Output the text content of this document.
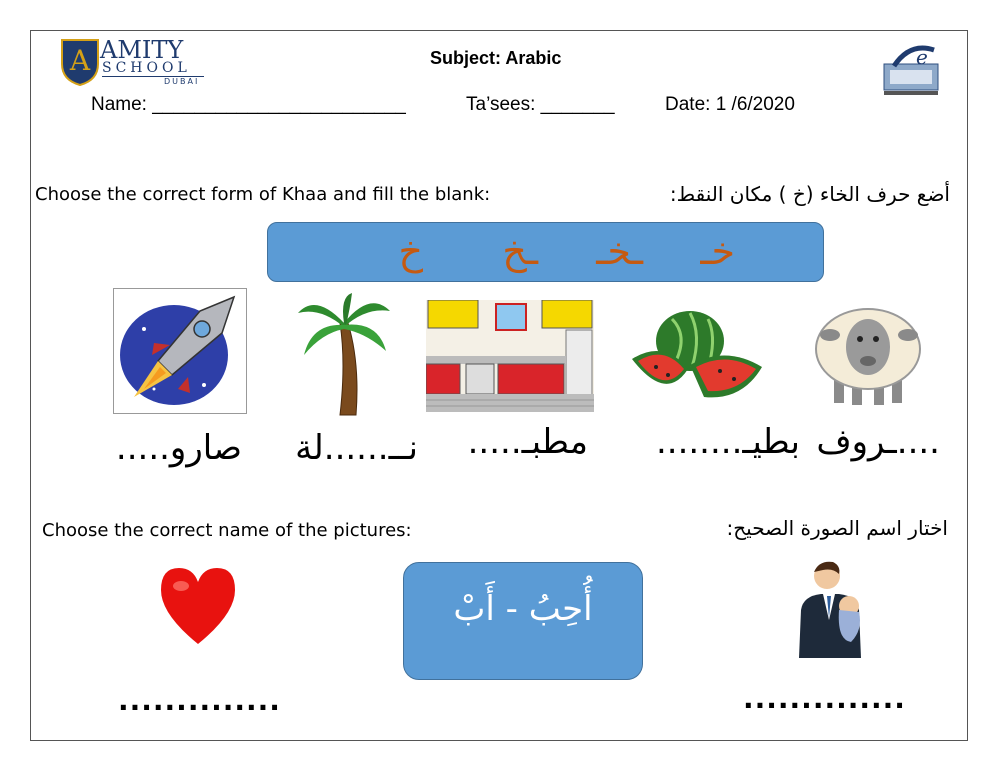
A AMITY
SCHOOL
DUBAI
Subject: Arabic	e
Name: ________________________	Ta’sees: _______	Date: 1 /6/2020
Choose the correct form of Khaa and fill the blank:	أضع حرف الخاء (خ ) مكان النقط:
خـ
ـخـ
ـخ
خ
....ـروف
بطيـ........
مطبـ.....
نــ......لة
صارو.....
Choose the correct name of the pictures:	اختار اسم الصورة الصحيح:
أُحِبُ - أَبْ
..............	..............
